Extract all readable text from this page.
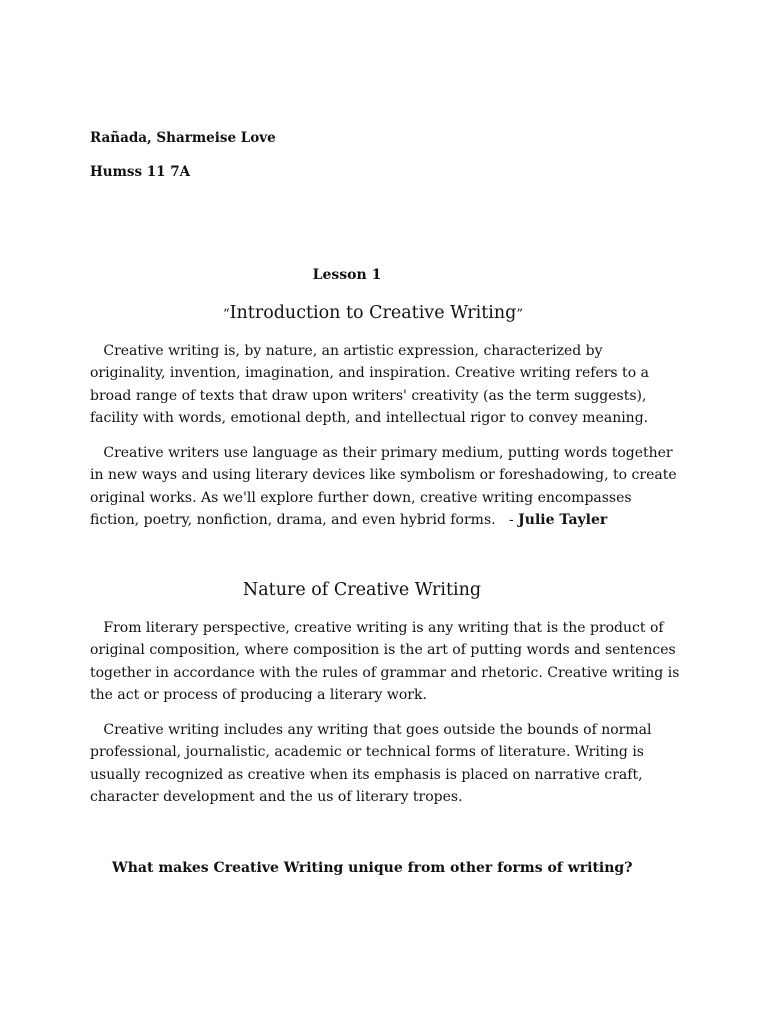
Rañada, Sharmeise Love
Humss 11 7A
Lesson 1
“Introduction to Creative Writing”

Creative writing is, by nature, an artistic expression, characterized by originality, invention, imagination, and inspiration. Creative writing refers to a broad range of texts that draw upon writers' creativity (as the term suggests), facility with words, emotional depth, and intellectual rigor to convey meaning.

Creative writers use language as their primary medium, putting words together in new ways and using literary devices like symbolism or foreshadowing, to create original works. As we'll explore further down, creative writing encompasses fiction, poetry, nonfiction, drama, and even hybrid forms. - Julie Tayler

Nature of Creative Writing

From literary perspective, creative writing is any writing that is the product of original composition, where composition is the art of putting words and sentences together in accordance with the rules of grammar and rhetoric. Creative writing is the act or process of producing a literary work.

Creative writing includes any writing that goes outside the bounds of normal professional, journalistic, academic or technical forms of literature. Writing is usually recognized as creative when its emphasis is placed on narrative craft, character development and the us of literary tropes.

What makes Creative Writing unique from other forms of writing?
